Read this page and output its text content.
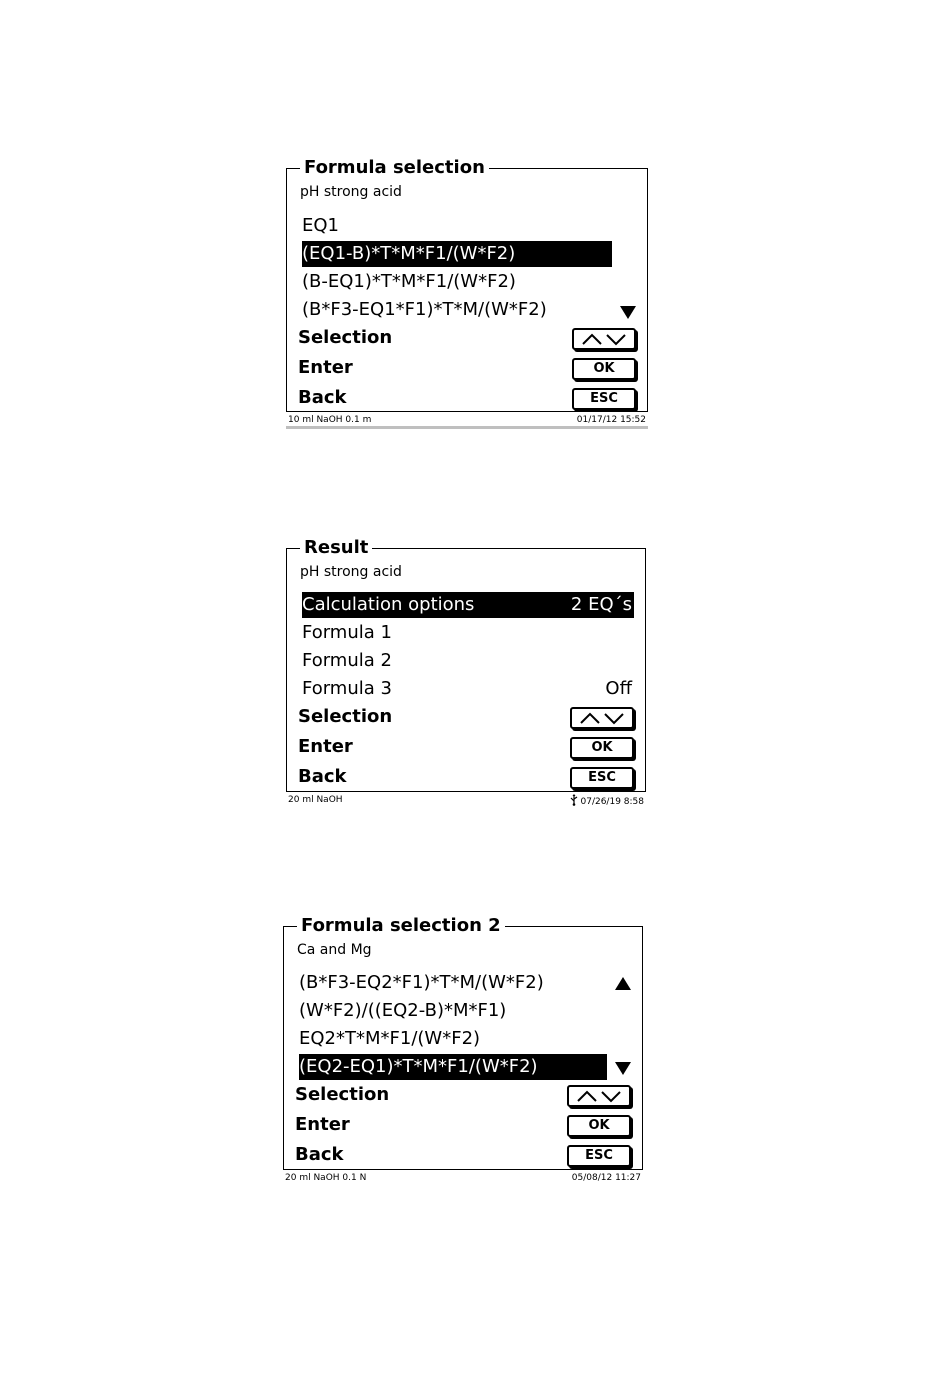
Formula selection
pH strong acid
EQ1
(EQ1-B)*T*M*F1/(W*F2)
(B-EQ1)*T*M*F1/(W*F2)
(B*F3-EQ1*F1)*T*M/(W*F2)
Selection
Enter	OK
Back	ESC
10 ml NaOH 0.1 m	01/17/12 15:52
Result
pH strong acid
Calculation options	2 EQ´s
Formula 1
Formula 2
Formula 3	Off
Selection
Enter	OK
Back	ESC
20 ml NaOH	07/26/19 8:58
Formula selection 2
Ca and Mg
(B*F3-EQ2*F1)*T*M/(W*F2)
(W*F2)/((EQ2-B)*M*F1)
EQ2*T*M*F1/(W*F2)
(EQ2-EQ1)*T*M*F1/(W*F2)
Selection
Enter	OK
Back	ESC
20 ml NaOH 0.1 N	05/08/12 11:27
